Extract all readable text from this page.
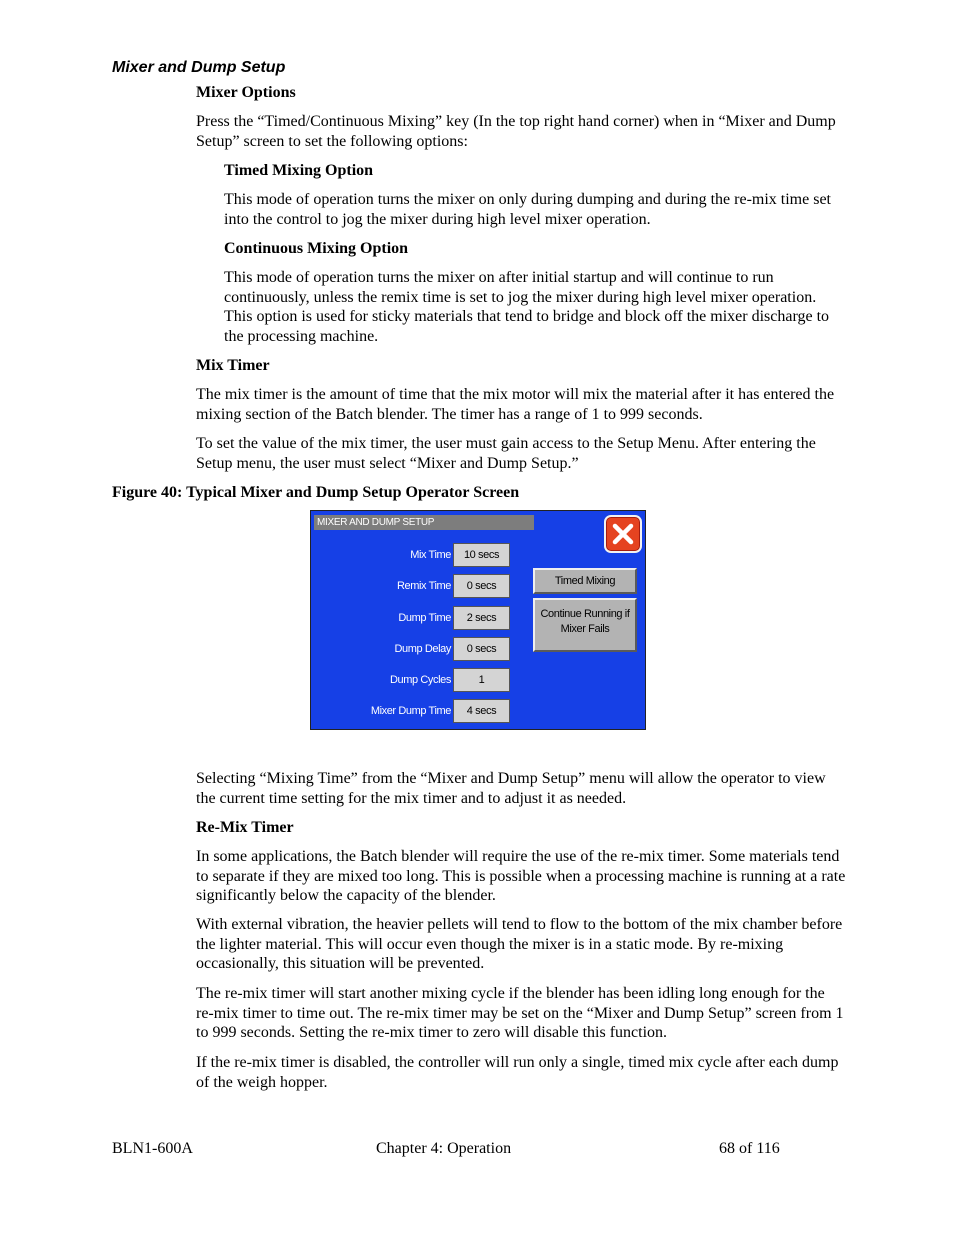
Mixer and Dump Setup
Mixer Options
Press the “Timed/Continuous Mixing” key (In the top right hand corner) when in “Mixer and Dump Setup” screen to set the following options:
Timed Mixing Option
This mode of operation turns the mixer on only during dumping and during the re-mix time set into the control to jog the mixer during high level mixer operation.
Continuous Mixing Option
This mode of operation turns the mixer on after initial startup and will continue to run continuously, unless the remix time is set to jog the mixer during high level mixer operation. This option is used for sticky materials that tend to bridge and block off the mixer discharge to the processing machine.
Mix Timer
The mix timer is the amount of time that the mix motor will mix the material after it has entered the mixing section of the Batch blender. The timer has a range of 1 to 999 seconds.
To set the value of the mix timer, the user must gain access to the Setup Menu. After entering the Setup menu, the user must select “Mixer and Dump Setup.”
Figure 40: Typical Mixer and Dump Setup Operator Screen
MIXER AND DUMP SETUP
Mix Time	10 secs
Remix Time	0 secs
Dump Time	2 secs
Dump Delay	0 secs
Dump Cycles	1
Mixer Dump Time	4 secs
Timed Mixing
Continue Running if
Mixer Fails
Selecting “Mixing Time” from the “Mixer and Dump Setup” menu will allow the operator to view the current time setting for the mix timer and to adjust it as needed.
Re-Mix Timer
In some applications, the Batch blender will require the use of the re-mix timer. Some materials tend to separate if they are mixed too long. This is possible when a processing machine is running at a rate significantly below the capacity of the blender.
With external vibration, the heavier pellets will tend to flow to the bottom of the mix chamber before the lighter material. This will occur even though the mixer is in a static mode. By re-mixing occasionally, this situation will be prevented.
The re-mix timer will start another mixing cycle if the blender has been idling long enough for the re-mix timer to time out. The re-mix timer may be set on the “Mixer and Dump Setup” screen from 1 to 999 seconds. Setting the re-mix timer to zero will disable this function.
If the re-mix timer is disabled, the controller will run only a single, timed mix cycle after each dump of the weigh hopper.
BLN1-600A	Chapter 4: Operation	68 of 116
